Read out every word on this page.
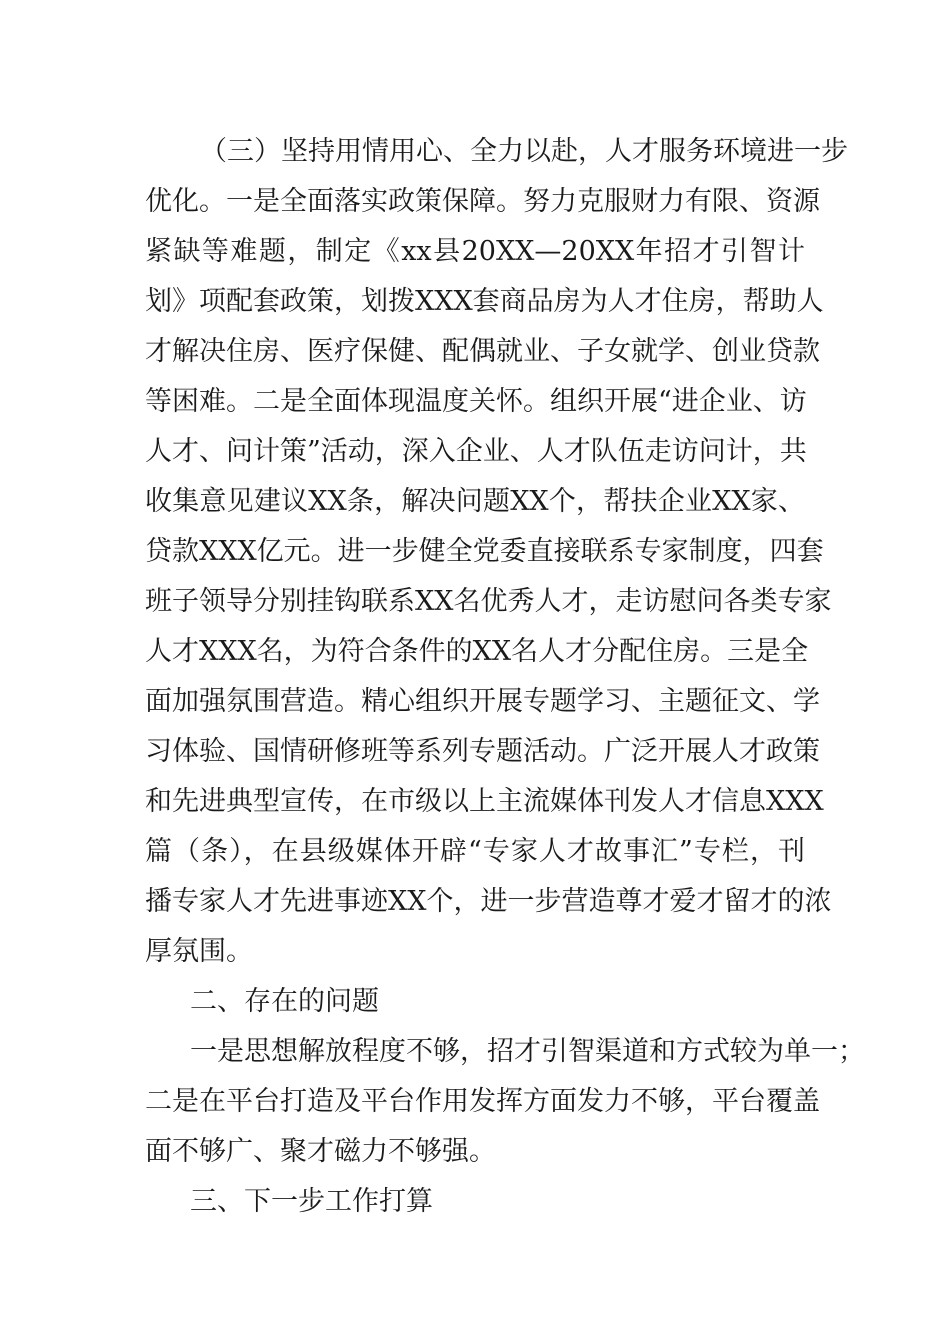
（三）坚持用情用心、全力以赴，人才服务环境进一步
优化。一是全面落实政策保障。努力克服财力有限、资源
紧缺等难题，制定《xx县20XX—20XX年招才引智计
划》项配套政策，划拨XXX套商品房为人才住房，帮助人
才解决住房、医疗保健、配偶就业、子女就学、创业贷款
等困难。二是全面体现温度关怀。组织开展“进企业、访
人才、问计策”活动，深入企业、人才队伍走访问计，共
收集意见建议XX条，解决问题XX个，帮扶企业XX家、
贷款XXX亿元。进一步健全党委直接联系专家制度，四套
班子领导分别挂钩联系XX名优秀人才，走访慰问各类专家
人才XXX名，为符合条件的XX名人才分配住房。三是全
面加强氛围营造。精心组织开展专题学习、主题征文、学
习体验、国情研修班等系列专题活动。广泛开展人才政策
和先进典型宣传，在市级以上主流媒体刊发人才信息XXX
篇（条），在县级媒体开辟“专家人才故事汇”专栏，刊
播专家人才先进事迹XX个，进一步营造尊才爱才留才的浓
厚氛围。
二、存在的问题
一是思想解放程度不够，招才引智渠道和方式较为单一；
二是在平台打造及平台作用发挥方面发力不够，平台覆盖
面不够广、聚才磁力不够强。
三、下一步工作打算
